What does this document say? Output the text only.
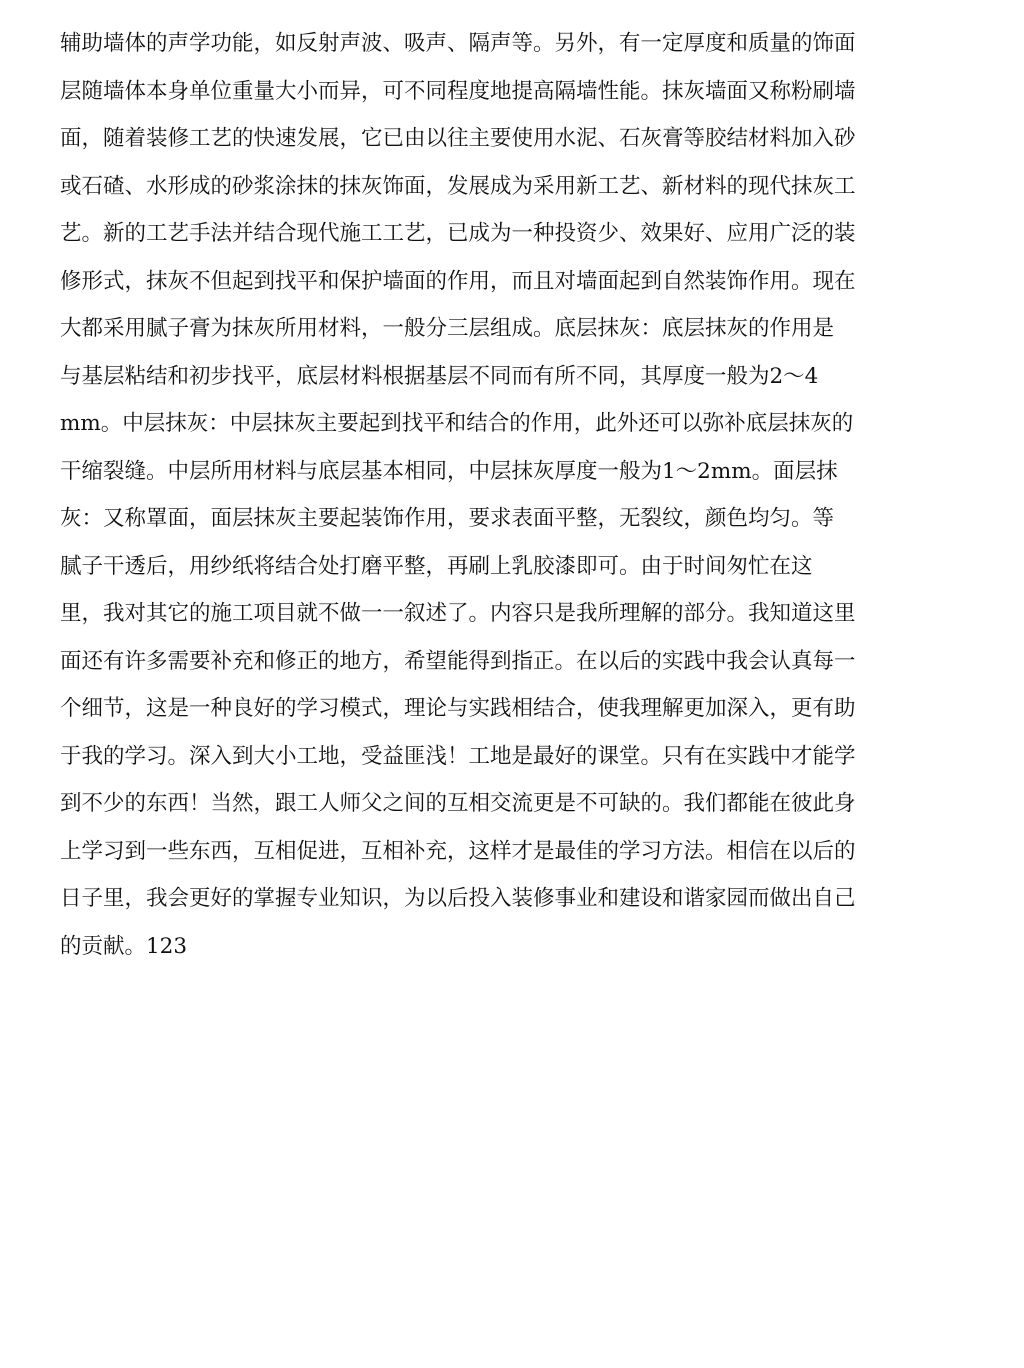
辅助墙体的声学功能，如反射声波、吸声、隔声等。另外，有一定厚度和质量的饰面
层随墙体本身单位重量大小而异，可不同程度地提高隔墙性能。抹灰墙面又称粉刷墙
面，随着装修工艺的快速发展，它已由以往主要使用水泥、石灰膏等胶结材料加入砂
或石碴、水形成的砂浆涂抹的抹灰饰面，发展成为采用新工艺、新材料的现代抹灰工
艺。新的工艺手法并结合现代施工工艺，已成为一种投资少、效果好、应用广泛的装
修形式，抹灰不但起到找平和保护墙面的作用，而且对墙面起到自然装饰作用。现在
大都采用腻子膏为抹灰所用材料，一般分三层组成。底层抹灰：底层抹灰的作用是
与基层粘结和初步找平，底层材料根据基层不同而有所不同，其厚度一般为2～4
mm。中层抹灰：中层抹灰主要起到找平和结合的作用，此外还可以弥补底层抹灰的
干缩裂缝。中层所用材料与底层基本相同，中层抹灰厚度一般为1～2mm。面层抹
灰：又称罩面，面层抹灰主要起装饰作用，要求表面平整，无裂纹，颜色均匀。等
腻子干透后，用纱纸将结合处打磨平整，再刷上乳胶漆即可。由于时间匆忙在这
里，我对其它的施工项目就不做一一叙述了。内容只是我所理解的部分。我知道这里
面还有许多需要补充和修正的地方，希望能得到指正。在以后的实践中我会认真每一
个细节，这是一种良好的学习模式，理论与实践相结合，使我理解更加深入，更有助
于我的学习。深入到大小工地，受益匪浅！工地是最好的课堂。只有在实践中才能学
到不少的东西！当然，跟工人师父之间的互相交流更是不可缺的。我们都能在彼此身
上学习到一些东西，互相促进，互相补充，这样才是最佳的学习方法。相信在以后的
日子里，我会更好的掌握专业知识，为以后投入装修事业和建设和谐家园而做出自己
的贡献。123
